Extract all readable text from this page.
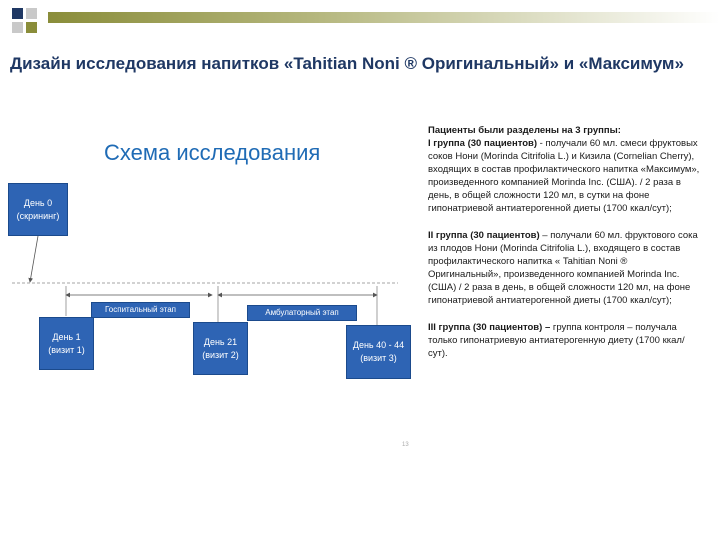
Дизайн исследования напитков «Tahitian Noni ® Оригинальный» и «Максимум»
Схема исследования
День 0
(скрининг)
Госпитальный этап	Амбулаторный этап
День 1
(визит 1)
День 21
(визит 2)
День 40 - 44
(визит 3)
13

Пациенты были разделены на 3 группы:

I группа (30 пациентов) - получали 60 мл. смеси фруктовых соков Нони (Morinda Citrifolia L.) и Кизила (Cornelian Cherry), входящих в состав профилактического напитка «Максимум», произведенного компанией Morinda Inc. (США). / 2 раза в день, в общей сложности 120 мл, в сутки на фоне гипонатриевой антиатерогенной диеты (1700 ккал/сут);

II группа (30 пациентов) – получали 60 мл. фруктового сока из плодов Нони (Morinda Citrifolia L.), входящего в состав профилактического напитка « Tahitian Noni ® Оригинальный», произведенного компанией Morinda Inc. (США) / 2 раза в день, в общей сложности 120 мл, на фоне гипонатриевой антиатерогенной диеты (1700 ккал/сут);

III группа (30 пациентов) – группа контроля – получала только гипонатриевую антиатерогенную диету (1700 ккал/сут).
